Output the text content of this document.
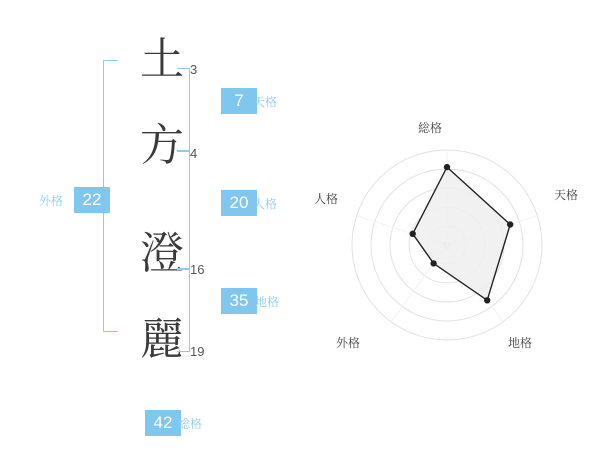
土 3
方 4
澄 16
麗 19
7 天格
20 人格
35 地格
22
外格
42 総格
総格
天格
地格
外格
人格
